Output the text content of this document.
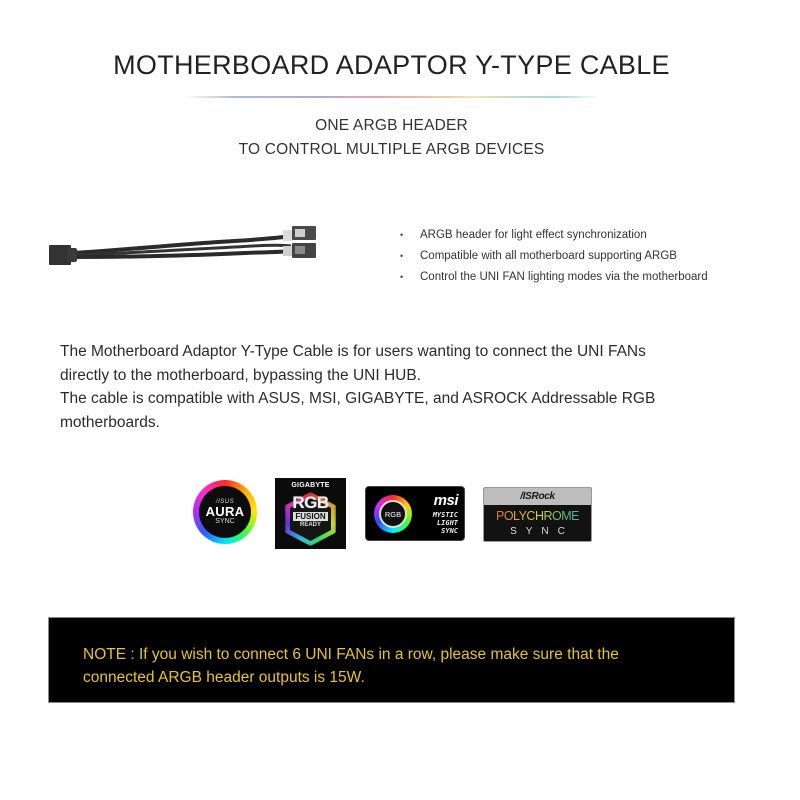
MOTHERBOARD ADAPTOR Y-TYPE CABLE
ONE ARGB HEADER
TO CONTROL MULTIPLE ARGB DEVICES
•	ARGB header for light effect synchronization
•	Compatible with all motherboard supporting ARGB
•	Control the UNI FAN lighting modes via the motherboard

The Motherboard Adaptor Y-Type Cable is for users wanting to connect the UNI FANs

directly to the motherboard, bypassing the UNI HUB.

The cable is compatible with ASUS, MSI, GIGABYTE, and ASROCK Addressable RGB

motherboards.

/ISUS
AURA
SYNC
GIGABYTE
RGB
FUSION
READY
RGB
msi
MYSTIC
LIGHT
SYNC
/ISRock
POLYCHROME
SYNC
NOTE : If you wish to connect 6 UNI FANs in a row, please make sure that the
connected ARGB header outputs is 15W.
